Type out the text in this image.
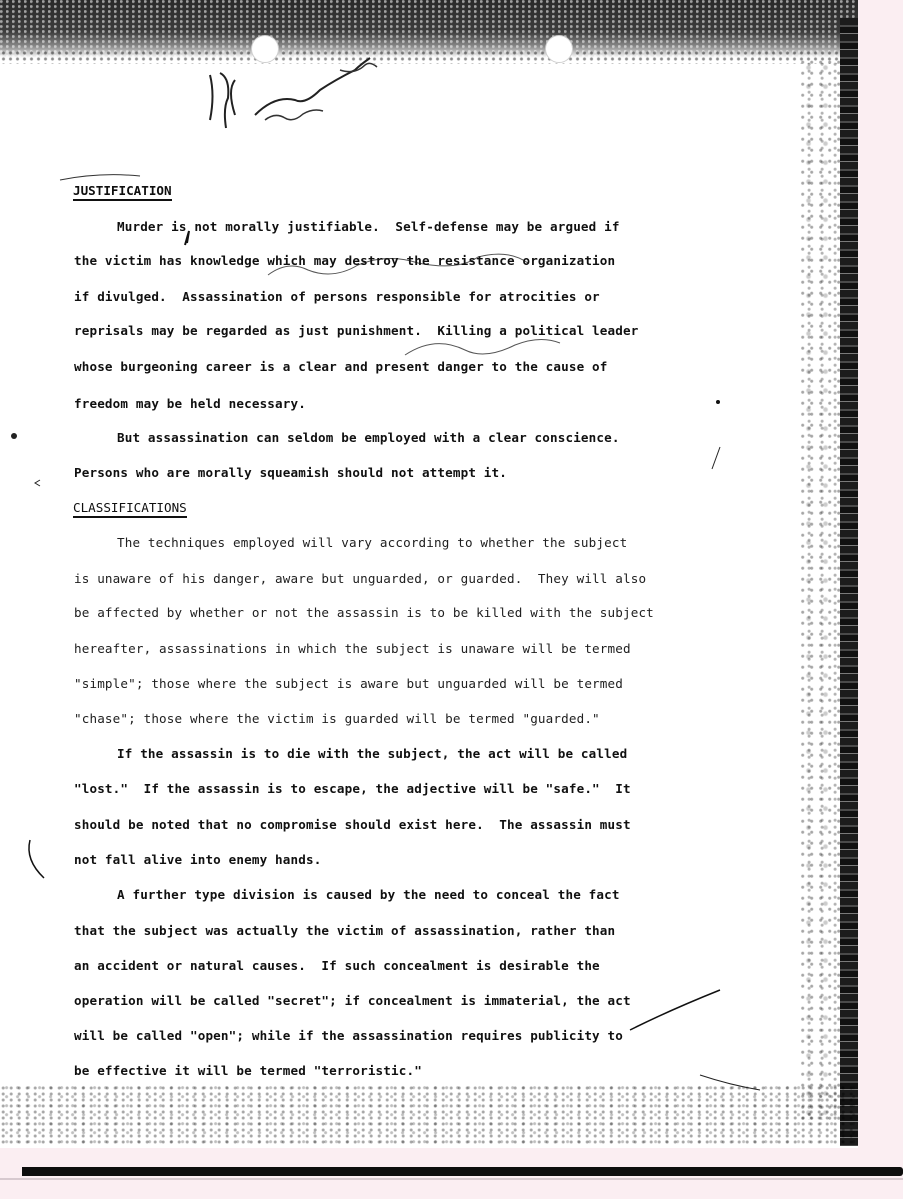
JUSTIFICATION
Murder is not morally justifiable.  Self-defense may be argued if
the victim has knowledge which may destroy the resistance organization
if divulged.  Assassination of persons responsible for atrocities or
reprisals may be regarded as just punishment.  Killing a political leader
whose burgeoning career is a clear and present danger to the cause of
freedom may be held necessary.
But assassination can seldom be employed with a clear conscience.
Persons who are morally squeamish should not attempt it.
CLASSIFICATIONS
The techniques employed will vary according to whether the subject
is unaware of his danger, aware but unguarded, or guarded.  They will also
be affected by whether or not the assassin is to be killed with the subject
hereafter, assassinations in which the subject is unaware will be termed
"simple"; those where the subject is aware but unguarded will be termed
"chase"; those where the victim is guarded will be termed "guarded."
If the assassin is to die with the subject, the act will be called
"lost."  If the assassin is to escape, the adjective will be "safe."  It
should be noted that no compromise should exist here.  The assassin must
not fall alive into enemy hands.
A further type division is caused by the need to conceal the fact
that the subject was actually the victim of assassination, rather than
an accident or natural causes.  If such concealment is desirable the
operation will be called "secret"; if concealment is immaterial, the act
will be called "open"; while if the assassination requires publicity to
be effective it will be termed "terroristic."
